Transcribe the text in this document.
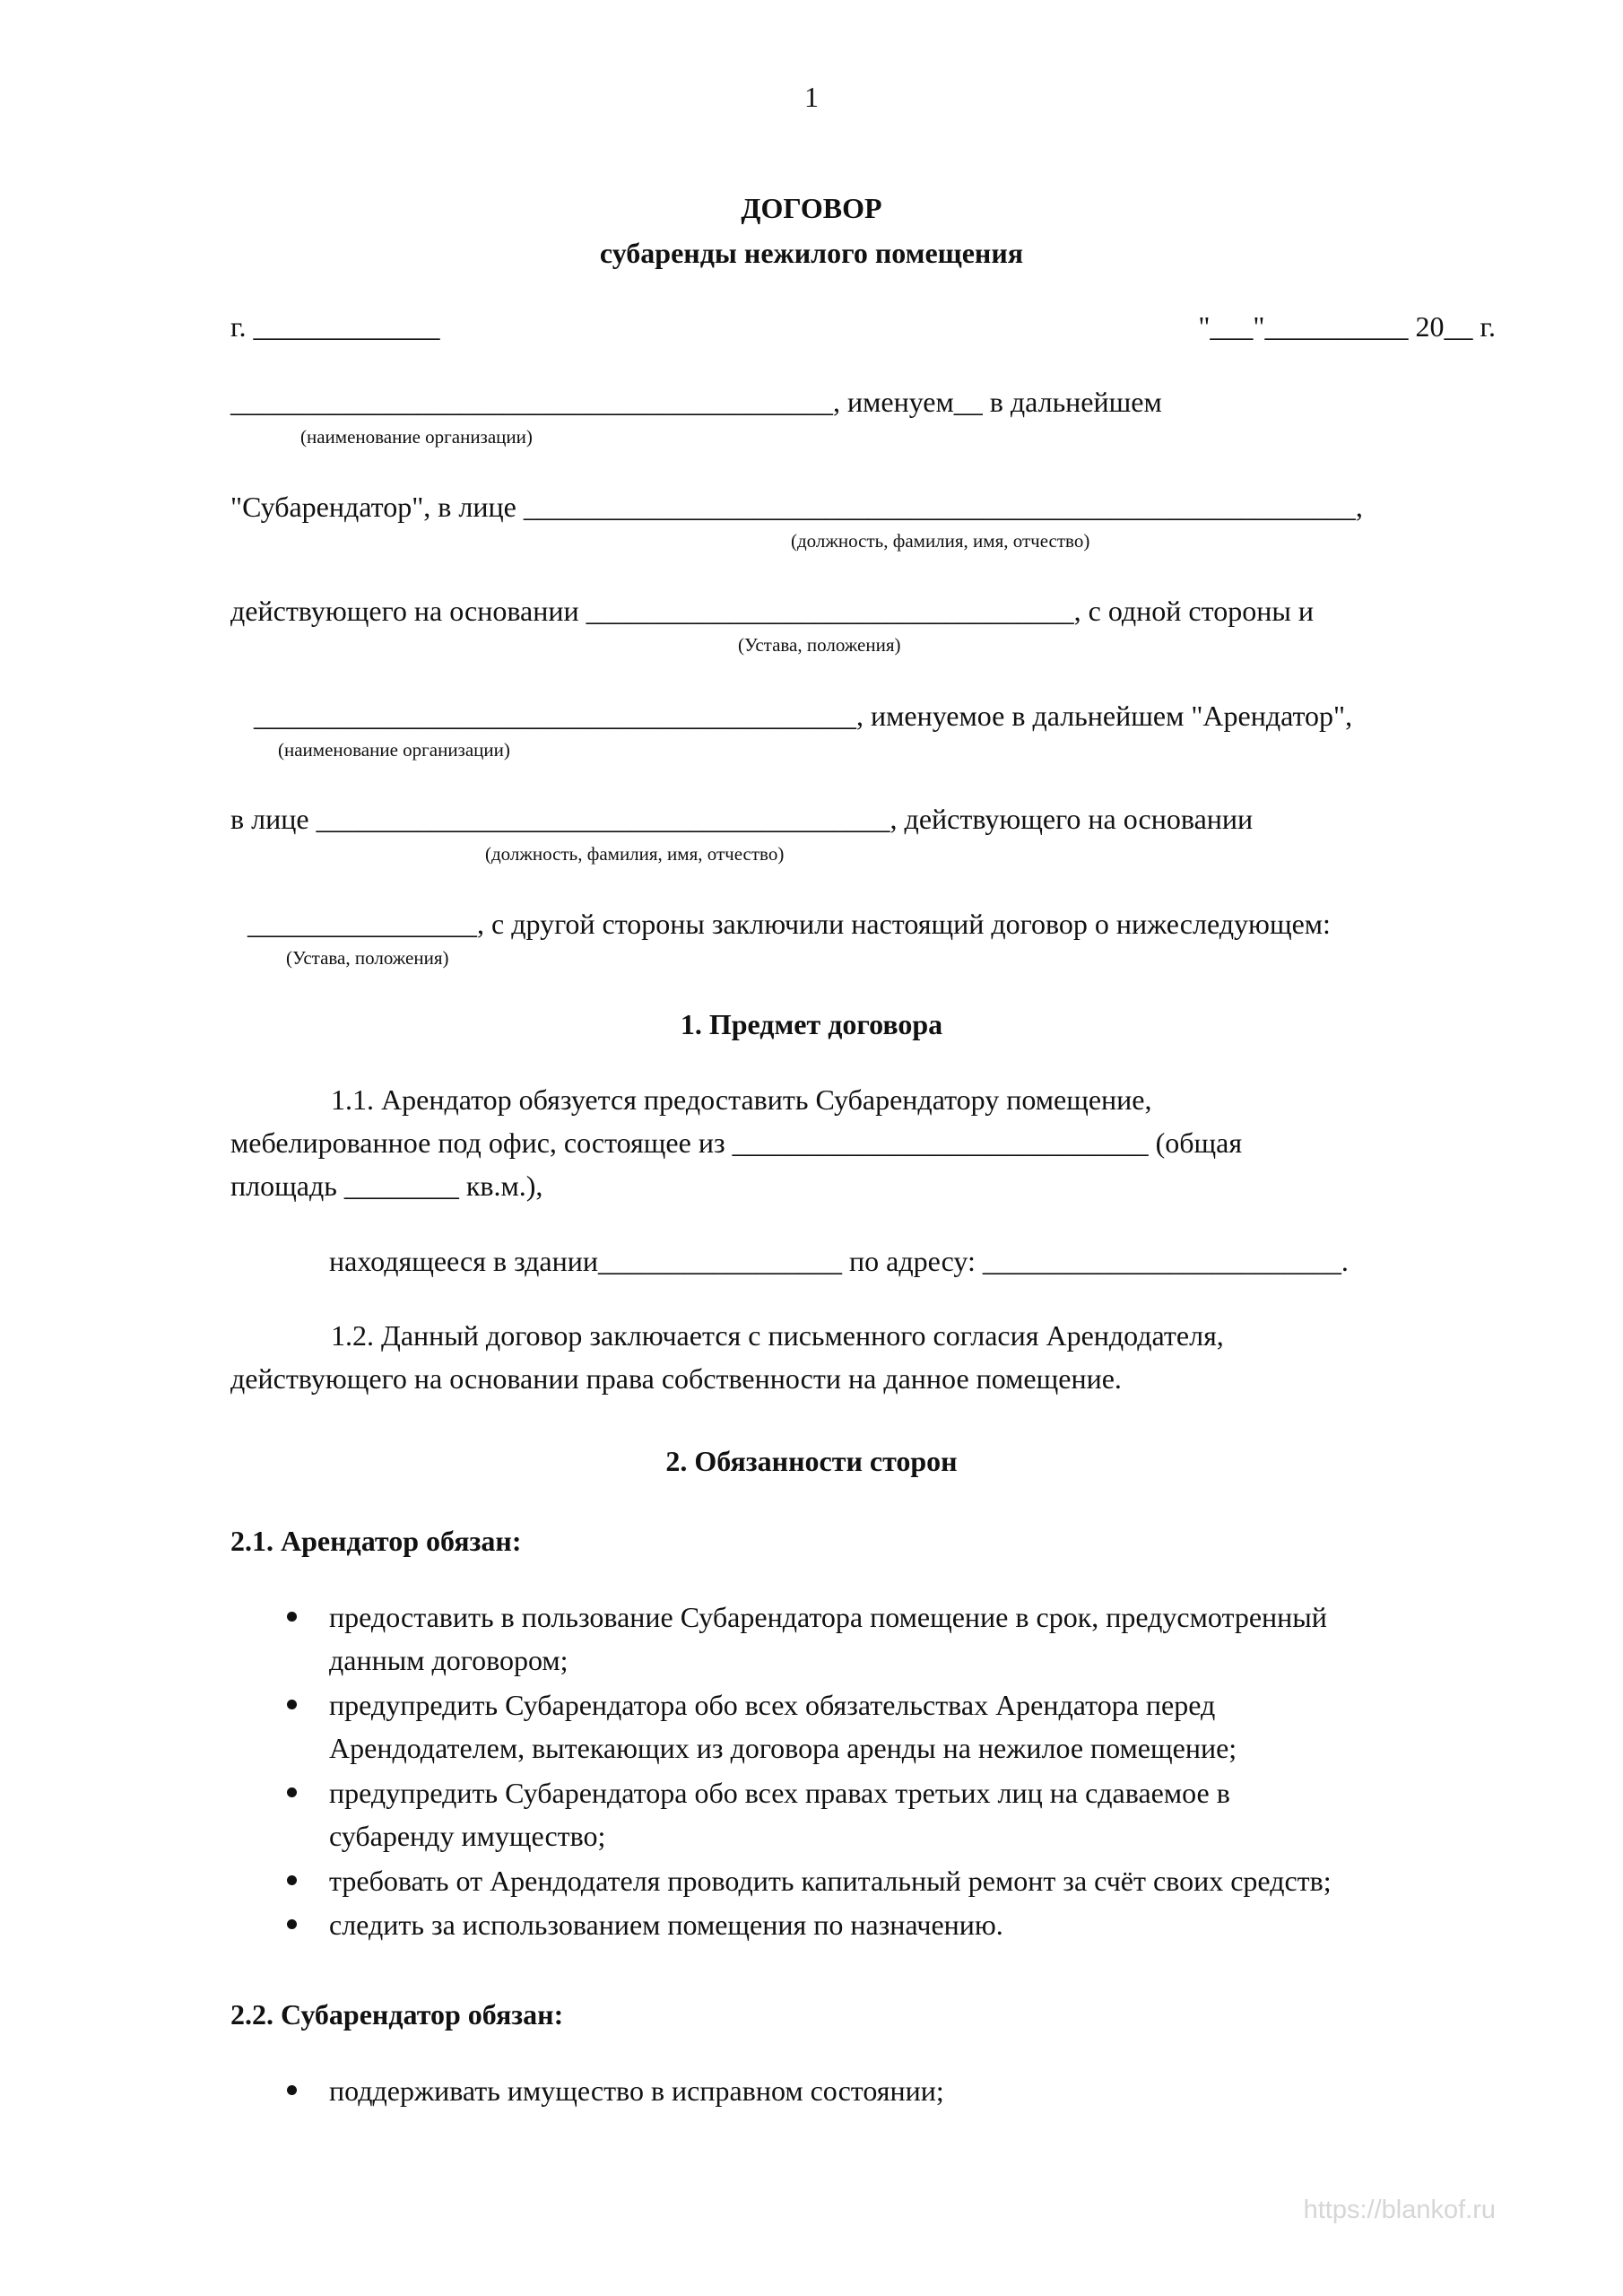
1
ДОГОВОР
субаренды нежилого помещения
г. _____________	"___"__________ 20__ г.
__________________________________________, именуем__ в дальнейшем
(наименование организации)
"Субарендатор", в лице __________________________________________________________,
(должность, фамилия, имя, отчество)
действующего на основании __________________________________, с одной стороны и
(Устава, положения)
__________________________________________, именуемое в дальнейшем "Арендатор",
(наименование организации)
в лице ________________________________________, действующего на основании
(должность, фамилия, имя, отчество)
________________, с другой стороны заключили настоящий договор о нижеследующем:
(Устава, положения)
1. Предмет договора
1.1. Арендатор обязуется предоставить Субарендатору помещение,
мебелированное под офис, состоящее из _____________________________ (общая
площадь ________ кв.м.),
находящееся в здании_________________ по адресу: _________________________.
1.2. Данный договор заключается с письменного согласия Арендодателя,
действующего на основании права собственности на данное помещение.
2. Обязанности сторон
2.1. Арендатор обязан:
предоставить в пользование Субарендатора помещение в срок, предусмотренный
данным договором;
предупредить Субарендатора обо всех обязательствах Арендатора перед
Арендодателем, вытекающих из договора аренды на нежилое помещение;
предупредить Субарендатора обо всех правах третьих лиц на сдаваемое в
субаренду имущество;
требовать от Арендодателя проводить капитальный ремонт за счёт своих средств;
следить за использованием помещения по назначению.
2.2. Субарендатор обязан:
поддерживать имущество в исправном состоянии;
https://blankof.ru
